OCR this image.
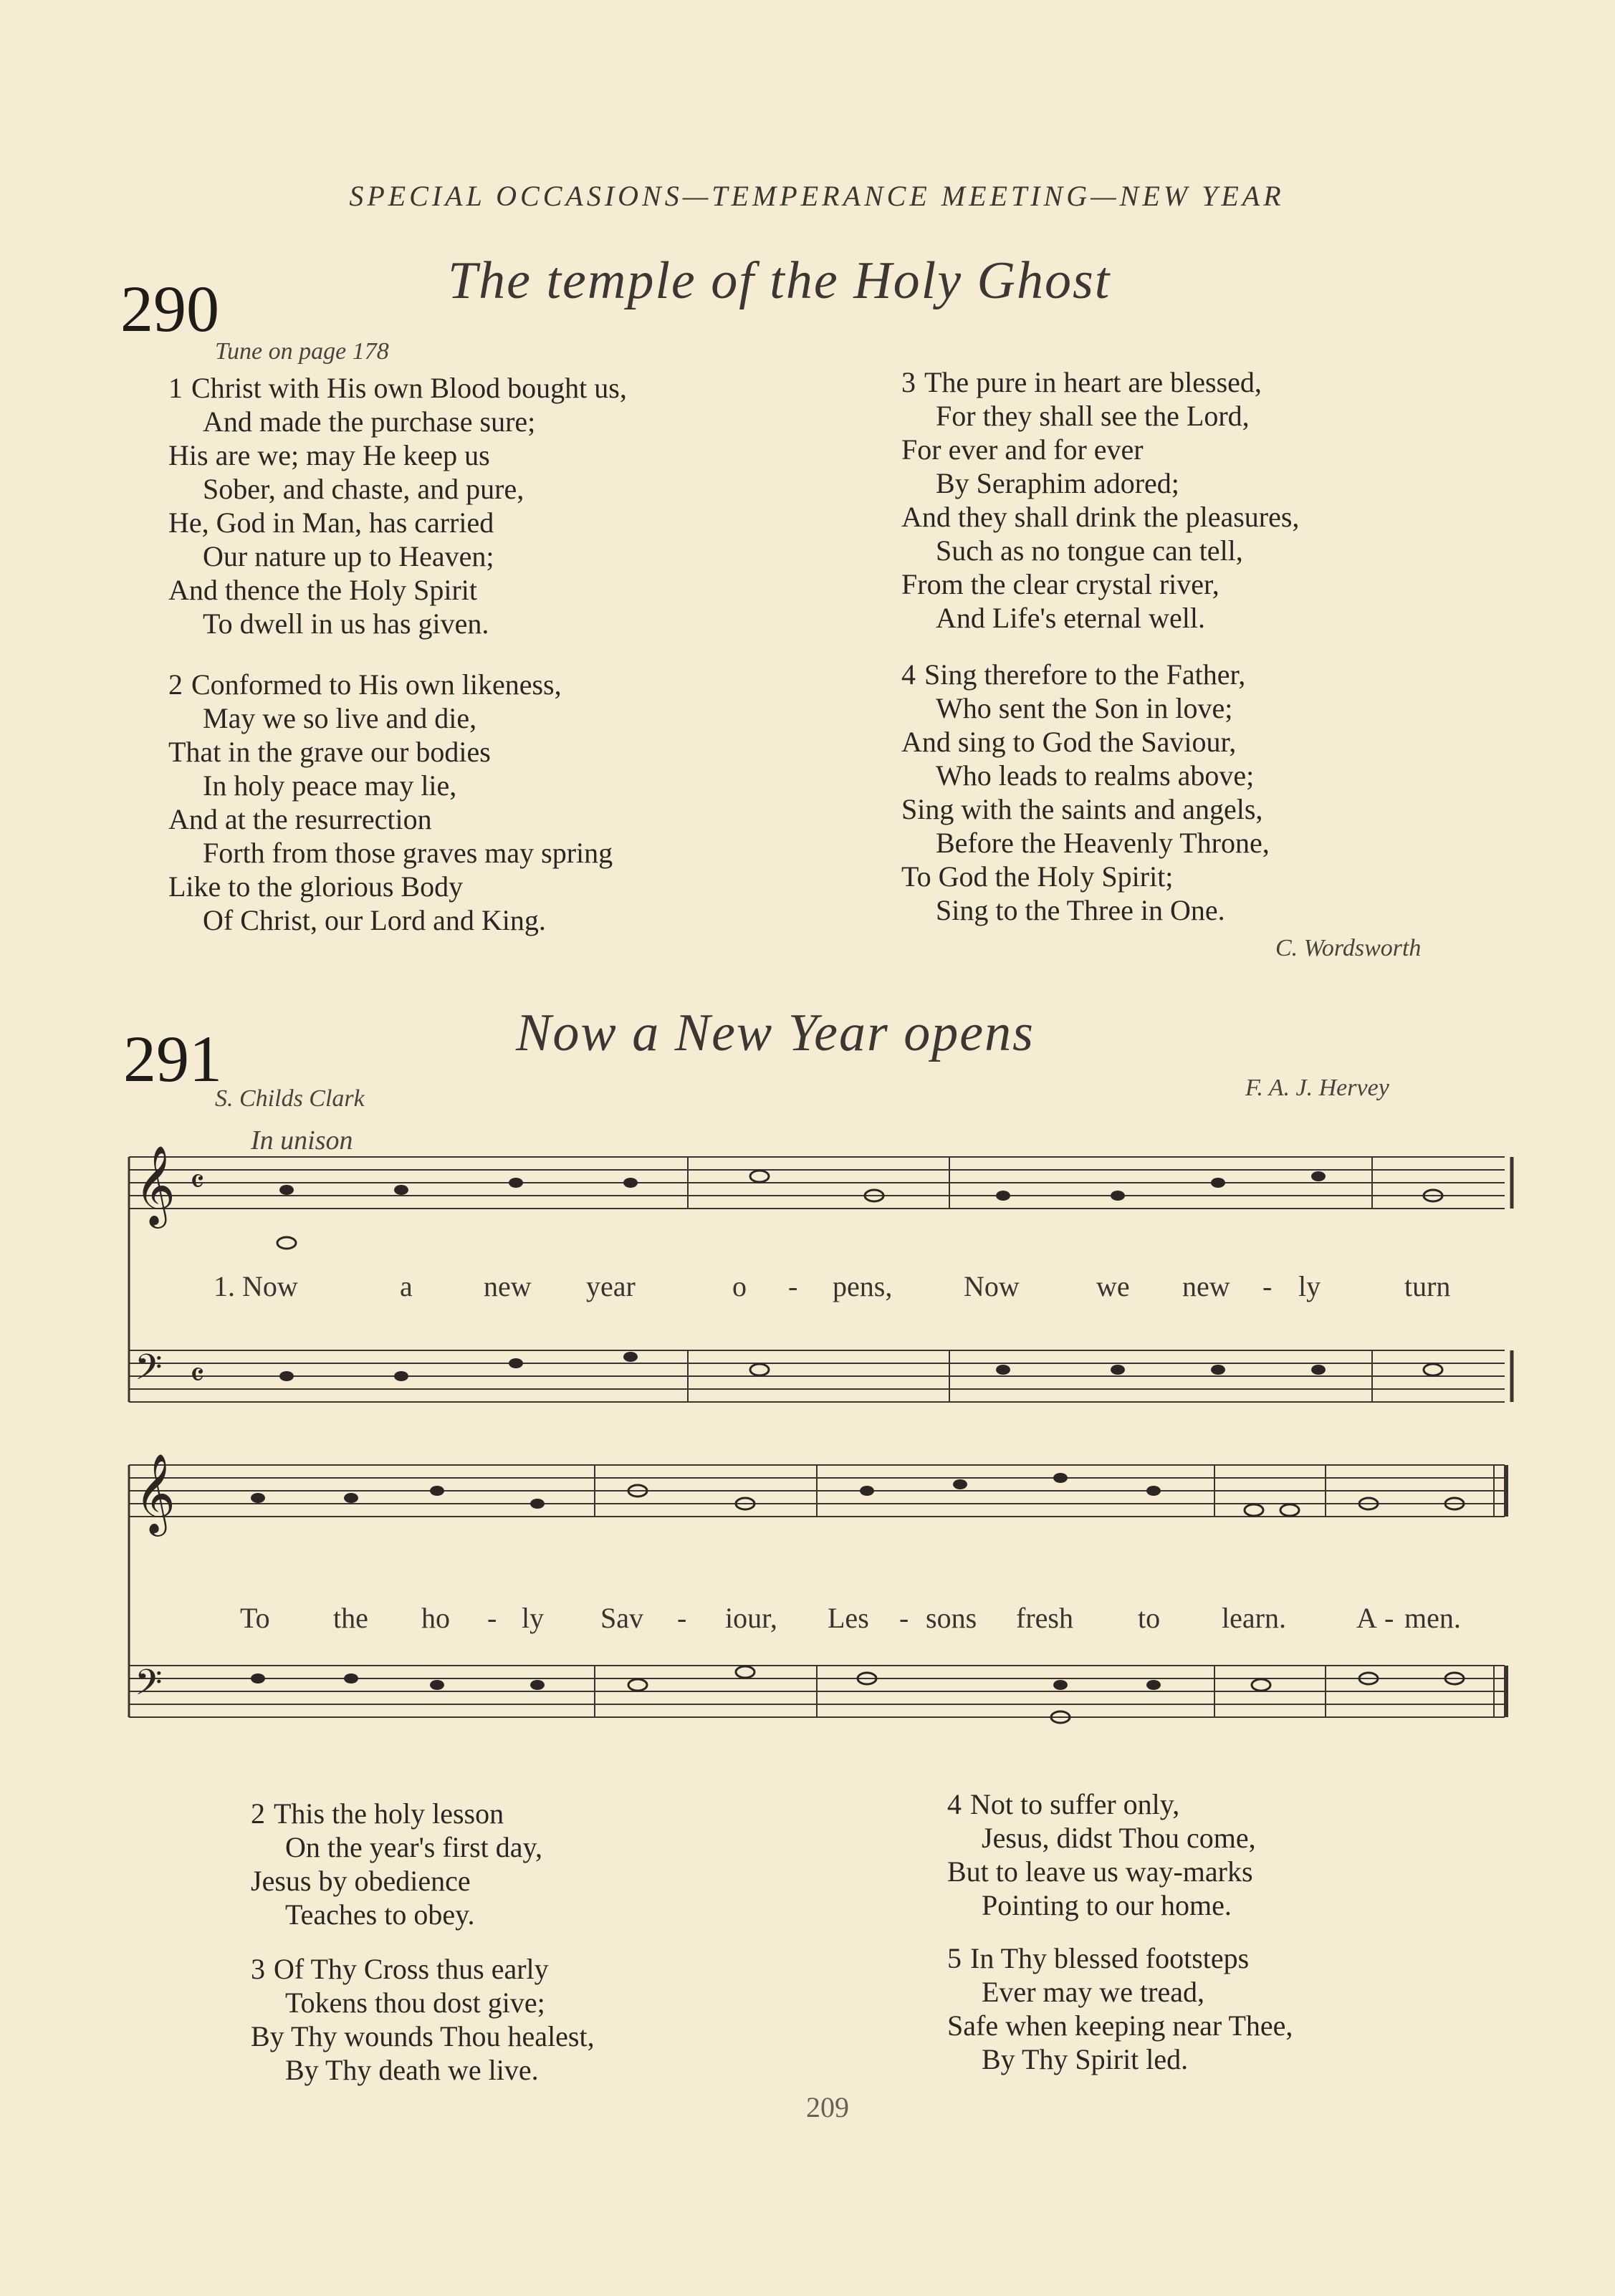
SPECIAL OCCASIONS—TEMPERANCE MEETING—NEW YEAR
290	The temple of the Holy Ghost
Tune on page 178
1 Christ with His own Blood bought us,
And made the purchase sure;
His are we; may He keep us
Sober, and chaste, and pure,
He, God in Man, has carried
Our nature up to Heaven;
And thence the Holy Spirit
To dwell in us has given.
2 Conformed to His own likeness,
May we so live and die,
That in the grave our bodies
In holy peace may lie,
And at the resurrection
Forth from those graves may spring
Like to the glorious Body
Of Christ, our Lord and King.
3 The pure in heart are blessed,
For they shall see the Lord,
For ever and for ever
By Seraphim adored;
And they shall drink the pleasures,
Such as no tongue can tell,
From the clear crystal river,
And Life's eternal well.
4 Sing therefore to the Father,
Who sent the Son in love;
And sing to God the Saviour,
Who leads to realms above;
Sing with the saints and angels,
Before the Heavenly Throne,
To God the Holy Spirit;
Sing to the Three in One.
C. Wordsworth
291	Now a New Year opens
S. Childs Clark	F. A. J. Hervey
In unison
𝄞
𝄢
𝄴
𝄴
1. Now	a new year	o - pens, Now	we new - ly	turn
𝄞
𝄢
To the ho - ly Sav - iour, Les - sons fresh to learn. A - men.
2 This the holy lesson
On the year's first day,
Jesus by obedience
Teaches to obey.
3 Of Thy Cross thus early
Tokens thou dost give;
By Thy wounds Thou healest,
By Thy death we live.
4 Not to suffer only,
Jesus, didst Thou come,
But to leave us way-marks
Pointing to our home.
5 In Thy blessed footsteps
Ever may we tread,
Safe when keeping near Thee,
By Thy Spirit led.
209
